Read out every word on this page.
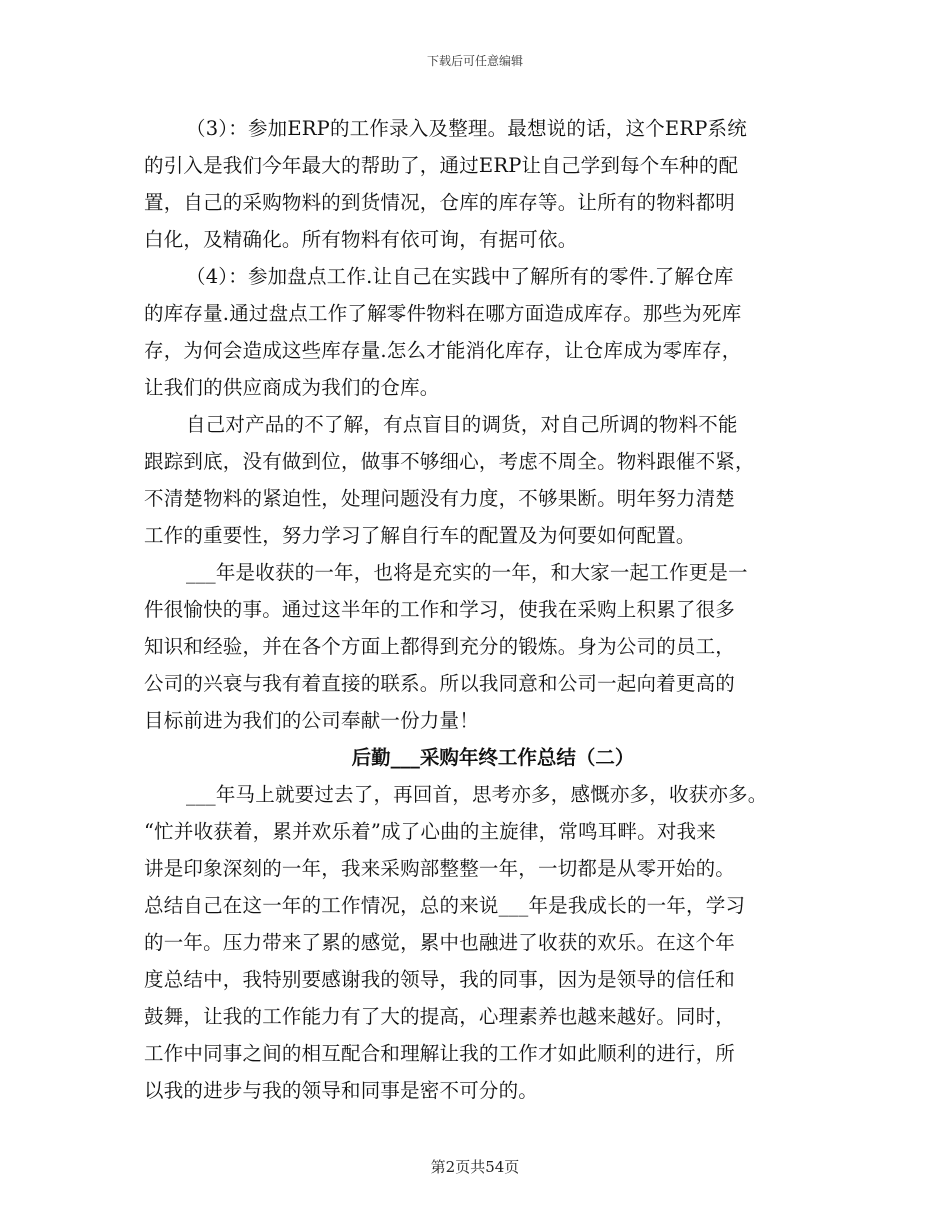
下载后可任意编辑
（3）：参加ERP的工作录入及整理。最想说的话，这个ERP系统
的引入是我们今年最大的帮助了，通过ERP让自己学到每个车种的配
置，自己的采购物料的到货情况，仓库的库存等。让所有的物料都明
白化，及精确化。所有物料有依可询，有据可依。
（4）：参加盘点工作.让自己在实践中了解所有的零件.了解仓库
的库存量.通过盘点工作了解零件物料在哪方面造成库存。那些为死库
存，为何会造成这些库存量.怎么才能消化库存，让仓库成为零库存，
让我们的供应商成为我们的仓库。
自己对产品的不了解，有点盲目的调货，对自己所调的物料不能
跟踪到底，没有做到位，做事不够细心，考虑不周全。物料跟催不紧，
不清楚物料的紧迫性，处理问题没有力度，不够果断。明年努力清楚
工作的重要性，努力学习了解自行车的配置及为何要如何配置。
___年是收获的一年，也将是充实的一年，和大家一起工作更是一
件很愉快的事。通过这半年的工作和学习，使我在采购上积累了很多
知识和经验，并在各个方面上都得到充分的锻炼。身为公司的员工，
公司的兴衰与我有着直接的联系。所以我同意和公司一起向着更高的
目标前进为我们的公司奉献一份力量！
后勤___采购年终工作总结（二）
___年马上就要过去了，再回首，思考亦多，感慨亦多，收获亦多。
“忙并收获着，累并欢乐着”成了心曲的主旋律，常鸣耳畔。对我来
讲是印象深刻的一年，我来采购部整整一年，一切都是从零开始的。
总结自己在这一年的工作情况，总的来说___年是我成长的一年，学习
的一年。压力带来了累的感觉，累中也融进了收获的欢乐。在这个年
度总结中，我特别要感谢我的领导，我的同事，因为是领导的信任和
鼓舞，让我的工作能力有了大的提高，心理素养也越来越好。同时，
工作中同事之间的相互配合和理解让我的工作才如此顺利的进行，所
以我的进步与我的领导和同事是密不可分的。
第2页共54页
